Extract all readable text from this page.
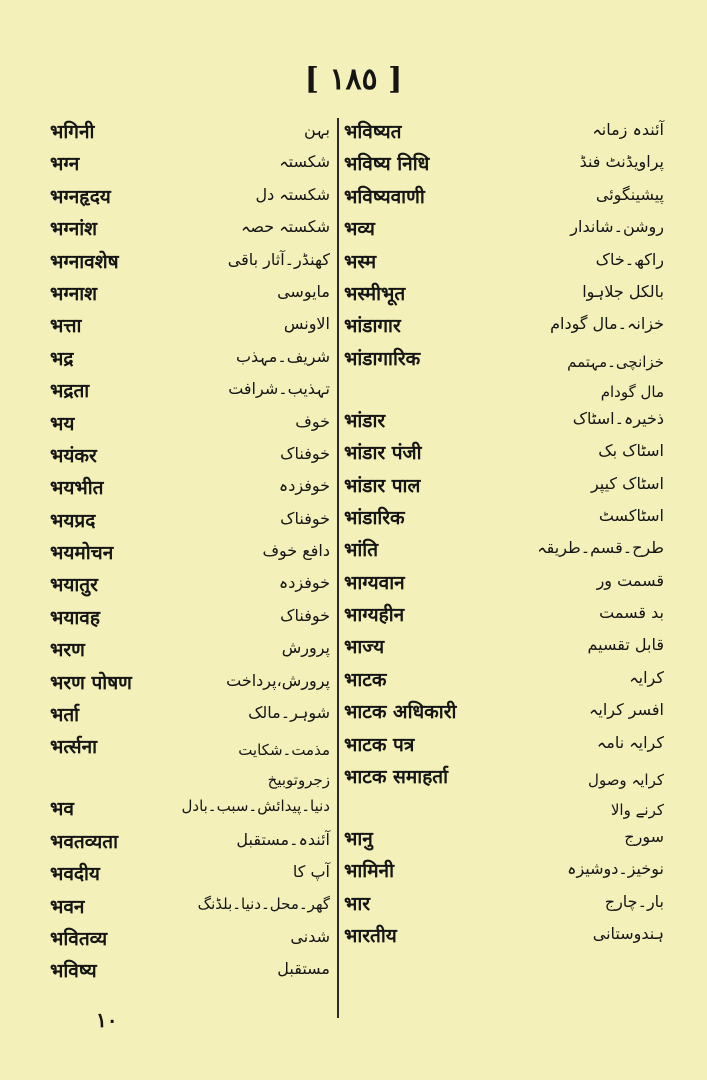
[ ١٨٥ ]
भगिनी	بہن
भग्न	شکستہ
भग्नहृदय	شکستہ دل
भग्नांश	شکستہ حصہ
भग्नावशेष	کھنڈر۔آثار باقی
भग्नाश	مایوسی
भत्ता	الاونس
भद्र	شریف۔مہذب
भद्रता	تہذیب۔شرافت
भय	خوف
भयंकर	خوفناک
भयभीत	خوفزدہ
भयप्रद	خوفناک
भयमोचन	دافع خوف
भयातुर	خوفزدہ
भयावह	خوفناک
भरण	پرورش
भरण पोषण	پرورش،پرداخت
भर्ता	شوہر۔مالک
भर्त्सना	مذمت۔شکایت
زجروتوبیخ
भव	دنیا۔پیدائش۔سبب۔بادل
भवतव्यता	آئندہ۔مستقبل
भवदीय	آپ کا
भवन	گھر۔محل۔دنیا۔بلڈنگ
भवितव्य	شدنی
भविष्य	مستقبل
भविष्यत	آئندہ زمانہ
भविष्य निधि	پراویڈنٹ فنڈ
भविष्यवाणी	پیشینگوئی
भव्य	روشن۔شاندار
भस्म	راکھ۔خاک
भस्मीभूत	بالکل جلاہوا
भांडागार	خزانہ۔مال گودام
भांडागारिक	خزانچی۔مہتمم
مال گودام
भांडार	ذخیرہ۔اسٹاک
भांडार पंजी	اسٹاک بک
भांडार पाल	اسٹاک کیپر
भांडारिक	اسٹاکسٹ
भांति	طرح۔قسم۔طریقہ
भाग्यवान	قسمت ور
भाग्यहीन	بد قسمت
भाज्य	قابل تقسیم
भाटक	کرایہ
भाटक अधिकारी	افسر کرایہ
भाटक पत्र	کرایہ نامہ
भाटक समाहर्ता	کرایہ وصول
کرنے والا
भानु	سورج
भामिनी	نوخیز۔دوشیزہ
भार	بار۔چارج
भारतीय	ہندوستانی
١٠
